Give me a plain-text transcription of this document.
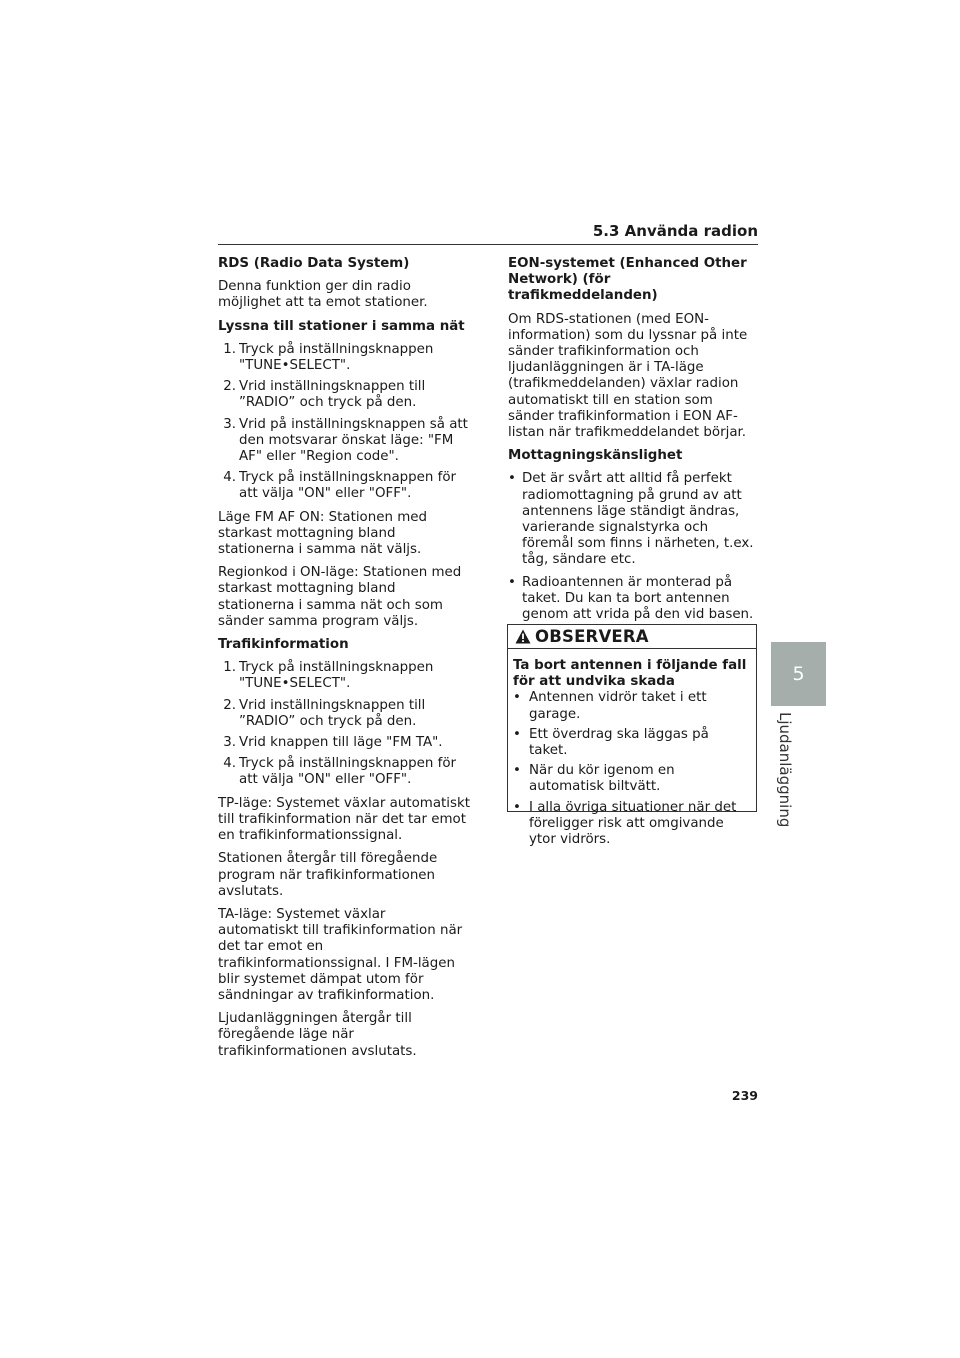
5.3 Använda radion

RDS (Radio Data System)

Denna funktion ger din radio möjlighet att ta emot stationer.

Lyssna till stationer i samma nät

1 . Tryck på inställningsknappen "TUNE•SELECT".
2 . Vrid inställningsknappen till ”RADIO” och tryck på den.
3 . Vrid på inställningsknappen så att den motsvarar önskat läge: "FM AF" eller "Region code".
4 . Tryck på inställningsknappen för att välja "ON" eller "OFF".

Läge FM AF ON: Stationen med starkast mottagning bland stationerna i samma nät väljs.

Regionkod i ON-läge: Stationen med starkast mottagning bland stationerna i samma nät och som sänder samma program väljs.

Trafikinformation

1 . Tryck på inställningsknappen "TUNE•SELECT".
2 . Vrid inställningsknappen till ”RADIO” och tryck på den.
3 . Vrid knappen till läge "FM TA".
4 . Tryck på inställningsknappen för att välja "ON" eller "OFF".

TP-läge: Systemet växlar automatiskt till trafikinformation när det tar emot en trafikinformationssignal.

Stationen återgår till föregående program när trafikinformationen avslutats.

TA-läge: Systemet växlar automatiskt till trafikinformation när det tar emot en trafikinformationssignal. I FM-lägen blir systemet dämpat utom för sändningar av trafikinformation.

Ljudanläggningen återgår till föregående läge när trafikinformationen avslutats.

EON-systemet (Enhanced Other Network) (för trafikmeddelanden)

Om RDS-stationen (med EON-information) som du lyssnar på inte sänder trafikinformation och ljudanläggningen är i TA-läge (trafikmeddelanden) växlar radion automatiskt till en station som sänder trafikinformation i EON AF-listan när trafikmeddelandet börjar.

Mottagningskänslighet

• Det är svårt att alltid få perfekt radiomottagning på grund av att antennens läge ständigt ändras, varierande signalstyrka och föremål som finns i närheten, t.ex. tåg, sändare etc.
• Radioantennen är monterad på taket. Du kan ta bort antennen genom att vrida på den vid basen.
OBSERVERA

Ta bort antennen i följande fall för att undvika skada

• Antennen vidrör taket i ett garage.
• Ett överdrag ska läggas på taket.
• När du kör igenom en automatisk biltvätt.
• I alla övriga situationer när det föreligger risk att omgivande ytor vidrörs.
5
Ljudanläggning
239
